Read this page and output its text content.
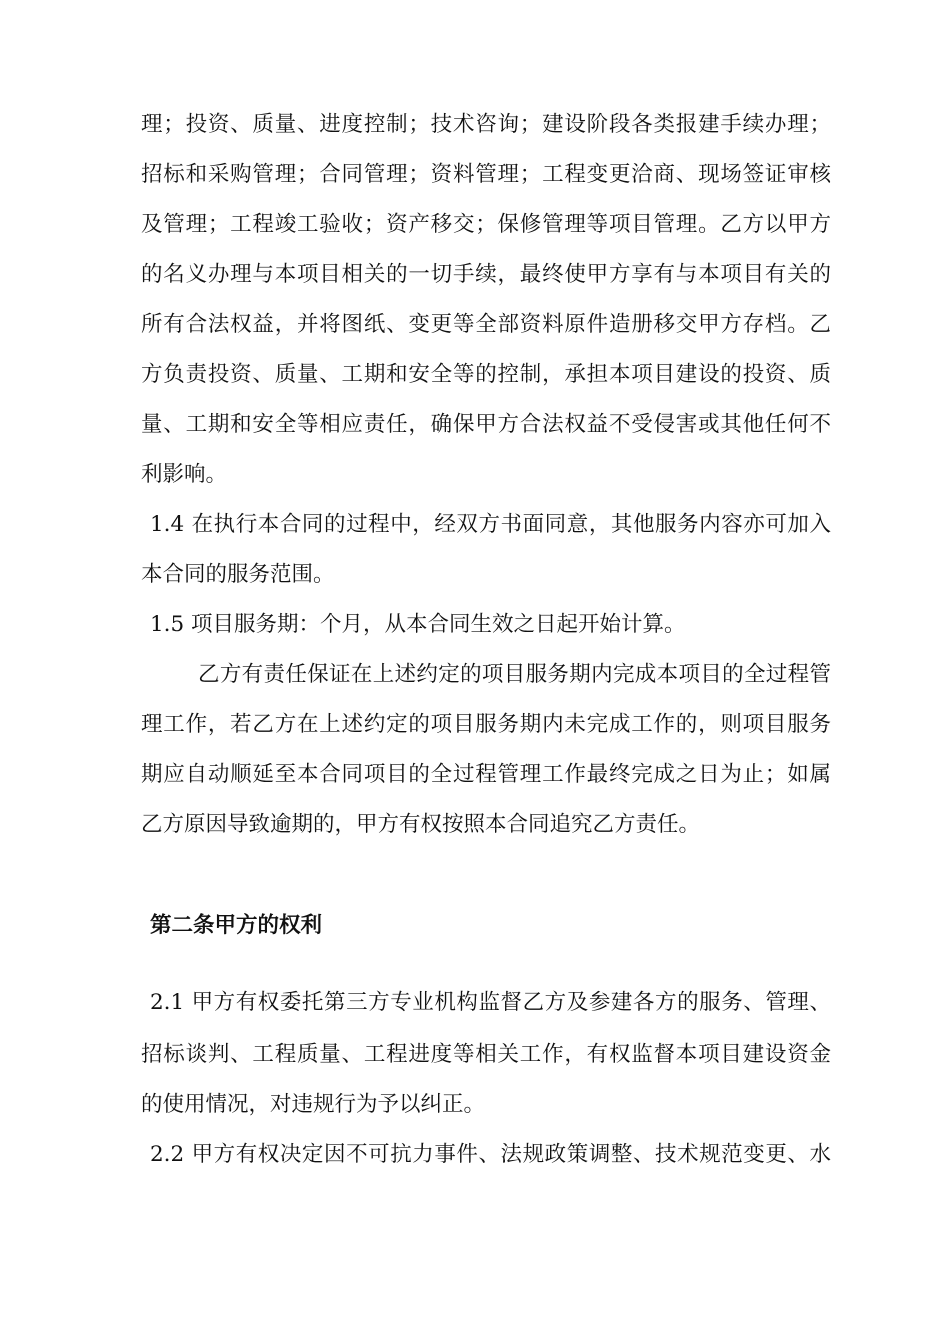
理；投资、质量、进度控制；技术咨询；建设阶段各类报建手续办理；
招标和采购管理；合同管理；资料管理；工程变更洽商、现场签证审核
及管理；工程竣工验收；资产移交；保修管理等项目管理。乙方以甲方
的名义办理与本项目相关的一切手续，最终使甲方享有与本项目有关的
所有合法权益，并将图纸、变更等全部资料原件造册移交甲方存档。乙
方负责投资、质量、工期和安全等的控制，承担本项目建设的投资、质
量、工期和安全等相应责任，确保甲方合法权益不受侵害或其他任何不
利影响。
1.4 在执行本合同的过程中，经双方书面同意，其他服务内容亦可加入
本合同的服务范围。
1.5 项目服务期：个月，从本合同生效之日起开始计算。
乙方有责任保证在上述约定的项目服务期内完成本项目的全过程管
理工作，若乙方在上述约定的项目服务期内未完成工作的，则项目服务
期应自动顺延至本合同项目的全过程管理工作最终完成之日为止；如属
乙方原因导致逾期的，甲方有权按照本合同追究乙方责任。
第二条甲方的权利
2.1 甲方有权委托第三方专业机构监督乙方及参建各方的服务、管理、
招标谈判、工程质量、工程进度等相关工作，有权监督本项目建设资金
的使用情况，对违规行为予以纠正。
2.2 甲方有权决定因不可抗力事件、法规政策调整、技术规范变更、水
